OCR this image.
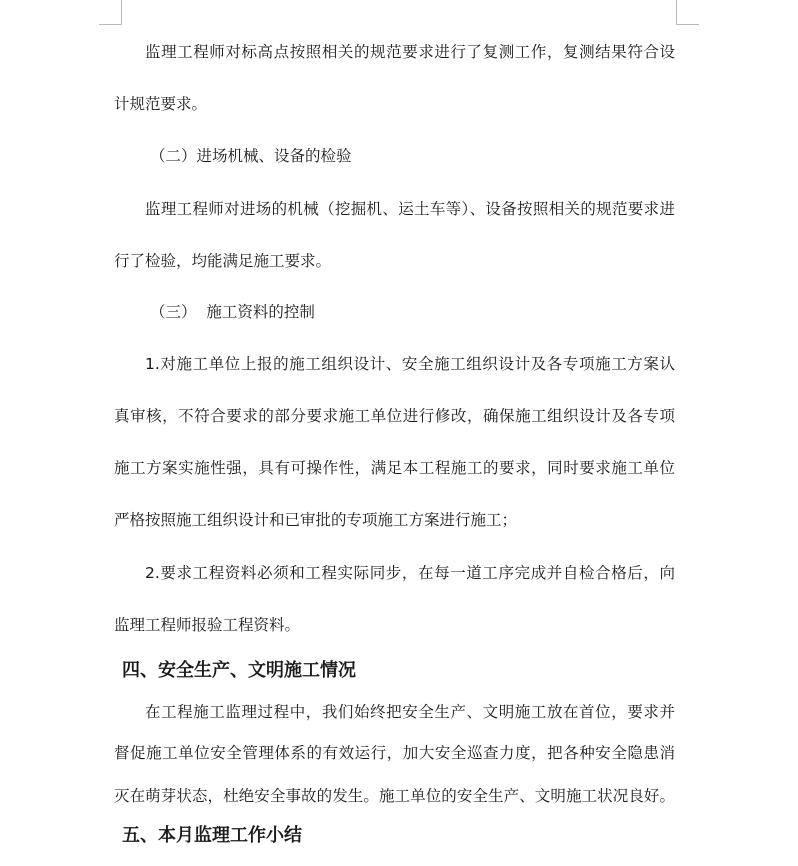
监理工程师对标高点按照相关的规范要求进行了复测工作，复测结果符合设
计规范要求。
（二）进场机械、设备的检验
监理工程师对进场的机械（挖掘机、运土车等）、设备按照相关的规范要求进
行了检验，均能满足施工要求。
（三）  施工资料的控制
1.对施工单位上报的施工组织设计、安全施工组织设计及各专项施工方案认
真审核，不符合要求的部分要求施工单位进行修改，确保施工组织设计及各专项
施工方案实施性强，具有可操作性，满足本工程施工的要求，同时要求施工单位
严格按照施工组织设计和已审批的专项施工方案进行施工；
2.要求工程资料必须和工程实际同步，在每一道工序完成并自检合格后，向
监理工程师报验工程资料。
四、安全生产、文明施工情况
在工程施工监理过程中，我们始终把安全生产、文明施工放在首位，要求并
督促施工单位安全管理体系的有效运行，加大安全巡查力度，把各种安全隐患消
灭在萌芽状态，杜绝安全事故的发生。施工单位的安全生产、文明施工状况良好。
五、本月监理工作小结
